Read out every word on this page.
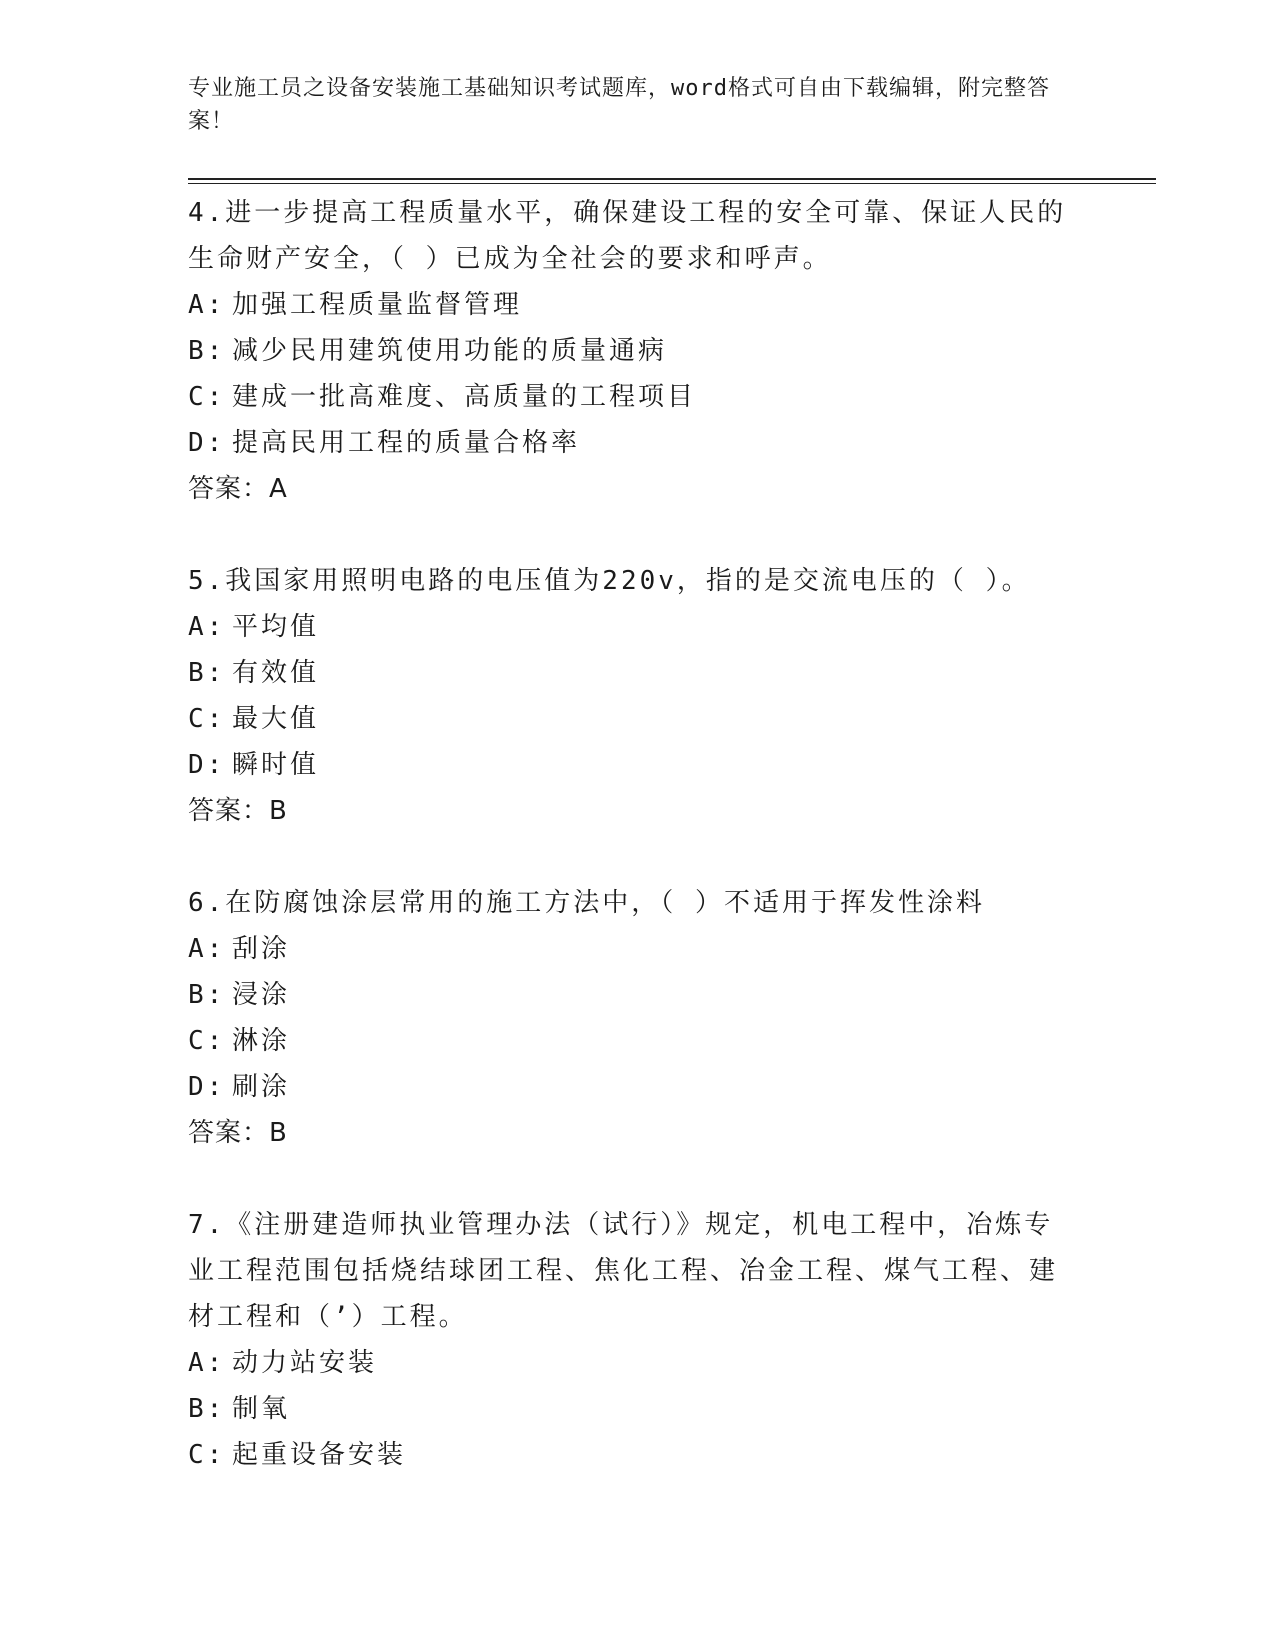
专业施工员之设备安装施工基础知识考试题库，word格式可自由下载编辑，附完整答案！

4.进一步提高工程质量水平，确保建设工程的安全可靠、保证人民的生命财产安全，（ ）已成为全社会的要求和呼声。

A: 加强工程质量监督管理

B: 减少民用建筑使用功能的质量通病

C: 建成一批高难度、高质量的工程项目

D: 提高民用工程的质量合格率

答案：A

5.我国家用照明电路的电压值为220v，指的是交流电压的（ ）。

A: 平均值

B: 有效值

C: 最大值

D: 瞬时值

答案：B

6.在防腐蚀涂层常用的施工方法中，（ ）不适用于挥发性涂料

A: 刮涂

B: 浸涂

C: 淋涂

D: 刷涂

答案：B

7.《注册建造师执业管理办法（试行）》规定，机电工程中，冶炼专业工程范围包括烧结球团工程、焦化工程、冶金工程、煤气工程、建材工程和（’）工程。

A: 动力站安装

B: 制氧

C: 起重设备安装
